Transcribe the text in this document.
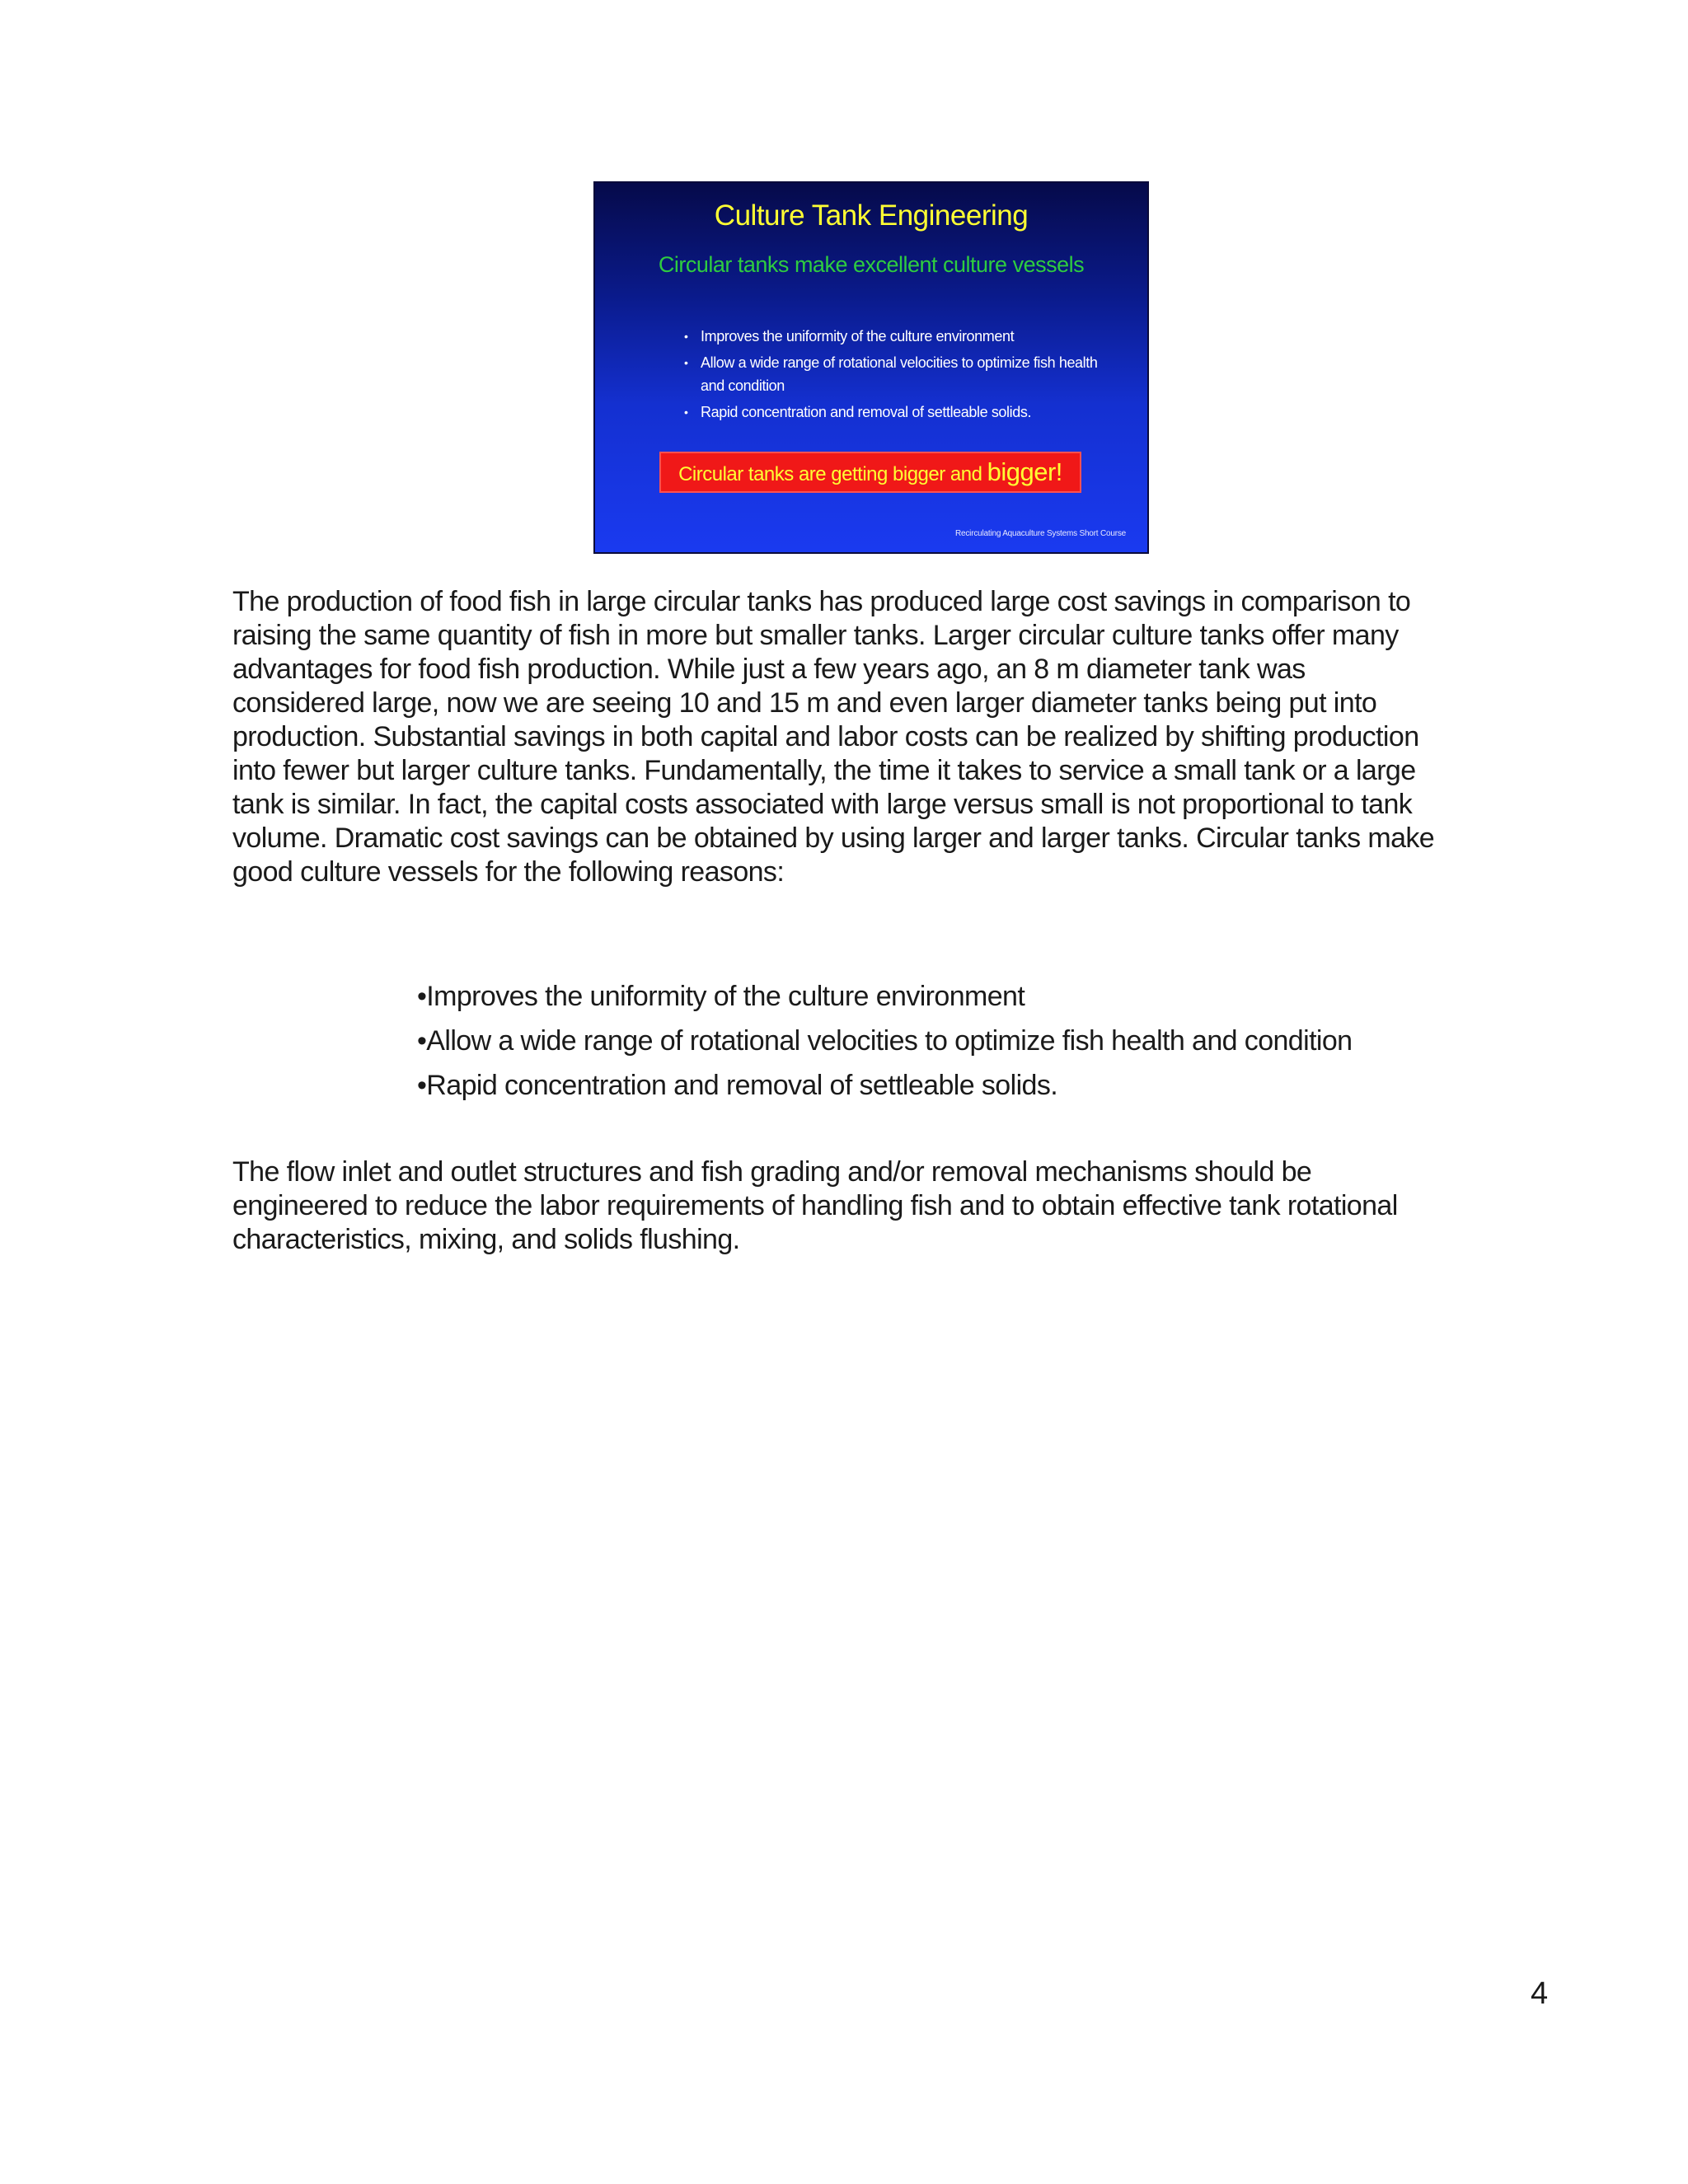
Culture Tank Engineering
Circular tanks make excellent culture vessels
• Improves the uniformity of the culture environment
• Allow a wide range of rotational velocities to optimize fish health and condition
• Rapid concentration and removal of settleable solids.
Circular tanks are getting bigger and bigger!
Recirculating Aquaculture Systems Short Course

The production of food fish in large circular tanks has produced large cost savings in comparison to raising the same quantity of fish in more but smaller tanks. Larger circular culture tanks offer many advantages for food fish production. While just a few years ago, an 8 m diameter tank was considered large, now we are seeing 10 and 15 m and even larger diameter tanks being put into production. Substantial savings in both capital and labor costs can be realized by shifting production into fewer but larger culture tanks. Fundamentally, the time it takes to service a small tank or a large tank is similar. In fact, the capital costs associated with large versus small is not proportional to tank volume. Dramatic cost savings can be obtained by using larger and larger tanks. Circular tanks make good culture vessels for the following reasons:

•Improves the uniformity of the culture environment
•Allow a wide range of rotational velocities to optimize fish health and condition
•Rapid concentration and removal of settleable solids.

The flow inlet and outlet structures and fish grading and/or removal mechanisms should be engineered to reduce the labor requirements of handling fish and to obtain effective tank rotational characteristics, mixing, and solids flushing.

4
